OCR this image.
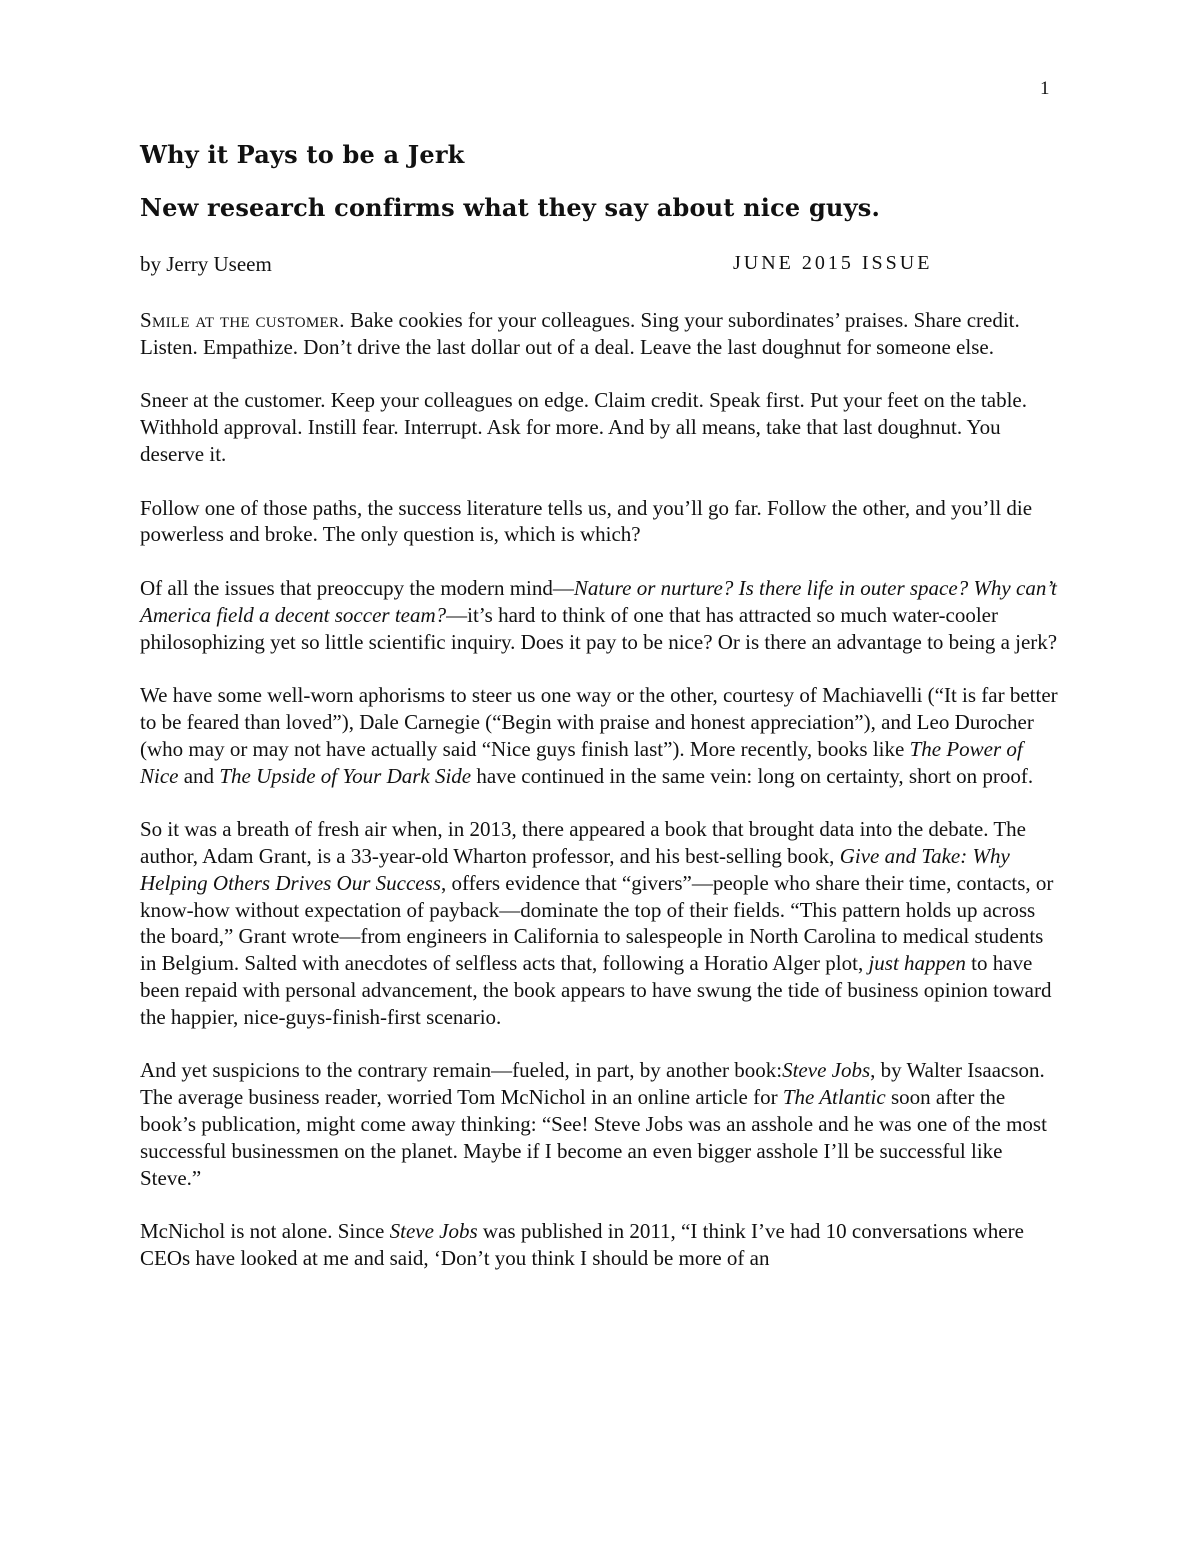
1
Why it Pays to be a Jerk
New research confirms what they say about nice guys.
by Jerry Useem	JUNE 2015 ISSUE

Smile at the customer. Bake cookies for your colleagues. Sing your subordinates’ praises. Share credit. Listen. Empathize. Don’t drive the last dollar out of a deal. Leave the last doughnut for someone else.

Sneer at the customer. Keep your colleagues on edge. Claim credit. Speak first. Put your feet on the table. Withhold approval. Instill fear. Interrupt. Ask for more. And by all means, take that last doughnut. You deserve it.

Follow one of those paths, the success literature tells us, and you’ll go far. Follow the other, and you’ll die powerless and broke. The only question is, which is which?

Of all the issues that preoccupy the modern mind—Nature or nurture? Is there life in outer space? Why can’t America field a decent soccer team?—it’s hard to think of one that has attracted so much water-cooler philosophizing yet so little scientific inquiry. Does it pay to be nice? Or is there an advantage to being a jerk?

We have some well-worn aphorisms to steer us one way or the other, courtesy of Machiavelli (“It is far better to be feared than loved”), Dale Carnegie (“Begin with praise and honest appreciation”), and Leo Durocher (who may or may not have actually said “Nice guys finish last”). More recently, books like The Power of Nice and The Upside of Your Dark Side have continued in the same vein: long on certainty, short on proof.

So it was a breath of fresh air when, in 2013, there appeared a book that brought data into the debate. The author, Adam Grant, is a 33-year-old Wharton professor, and his best-selling book, Give and Take: Why Helping Others Drives Our Success, offers evidence that “givers”—people who share their time, contacts, or know-how without expectation of payback—dominate the top of their fields. “This pattern holds up across the board,” Grant wrote—from engineers in California to salespeople in North Carolina to medical students in Belgium. Salted with anecdotes of selfless acts that, following a Horatio Alger plot, just happen to have been repaid with personal advancement, the book appears to have swung the tide of business opinion toward the happier, nice-guys-finish-first scenario.

And yet suspicions to the contrary remain—fueled, in part, by another book:Steve Jobs, by Walter Isaacson. The average business reader, worried Tom McNichol in an online article for The Atlantic soon after the book’s publication, might come away thinking: “See! Steve Jobs was an asshole and he was one of the most successful businessmen on the planet. Maybe if I become an even bigger asshole I’ll be successful like Steve.”

McNichol is not alone. Since Steve Jobs was published in 2011, “I think I’ve had 10 conversations where CEOs have looked at me and said, ‘Don’t you think I should be more of an
